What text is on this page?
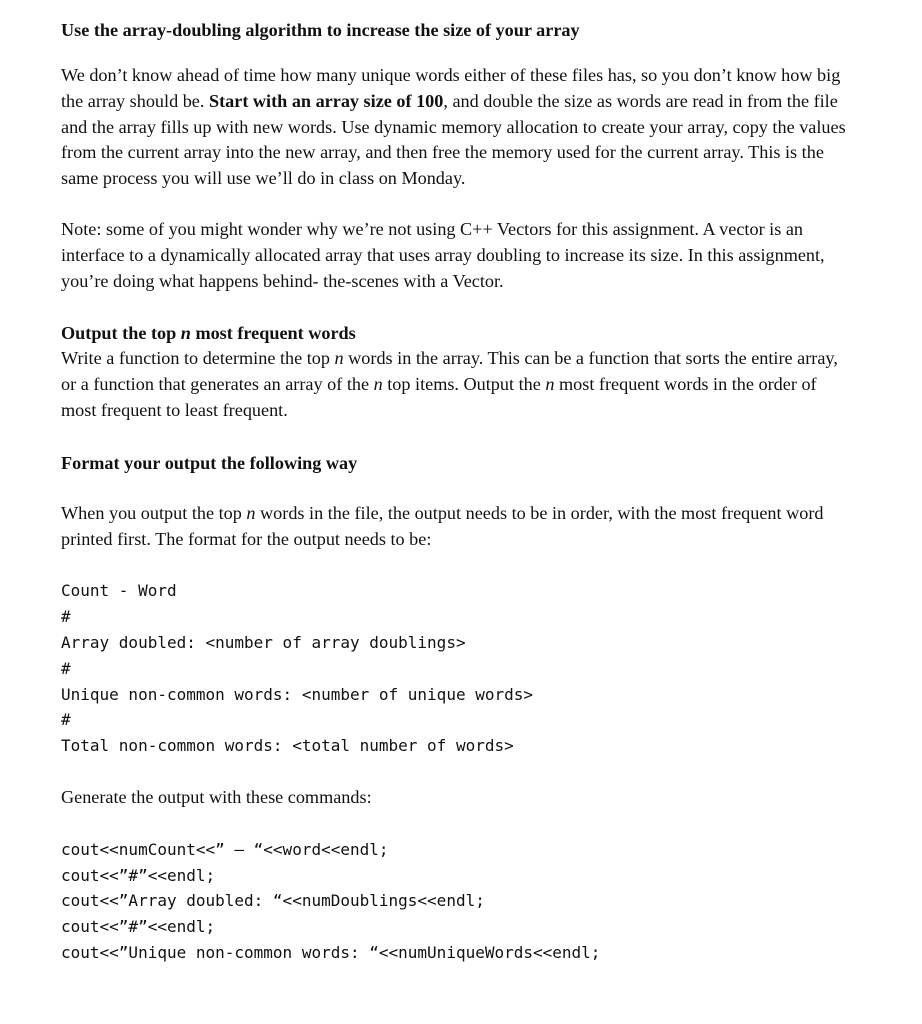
Use the array-doubling algorithm to increase the size of your array

We don’t know ahead of time how many unique words either of these files has, so you don’t know how big the array should be. Start with an array size of 100, and double the size as words are read in from the file and the array fills up with new words. Use dynamic memory allocation to create your array, copy the values from the current array into the new array, and then free the memory used for the current array. This is the same process you will use we’ll do in class on Monday.

Note: some of you might wonder why we’re not using C++ Vectors for this assignment. A vector is an interface to a dynamically allocated array that uses array doubling to increase its size. In this assignment, you’re doing what happens behind- the-scenes with a Vector.

Output the top n most frequent words

Write a function to determine the top n words in the array. This can be a function that sorts the entire array, or a function that generates an array of the n top items. Output the n most frequent words in the order of most frequent to least frequent.

Format your output the following way

When you output the top n words in the file, the output needs to be in order, with the most frequent word printed first. The format for the output needs to be:

Count - Word
#
Array doubled: <number of array doublings>
#
Unique non-common words: <number of unique words>
#
Total non-common words: <total number of words>

Generate the output with these commands:

cout<<numCount<<” – “<<word<<endl;
cout<<”#”<<endl;
cout<<”Array doubled: “<<numDoublings<<endl;
cout<<”#”<<endl;
cout<<”Unique non-common words: “<<numUniqueWords<<endl;
